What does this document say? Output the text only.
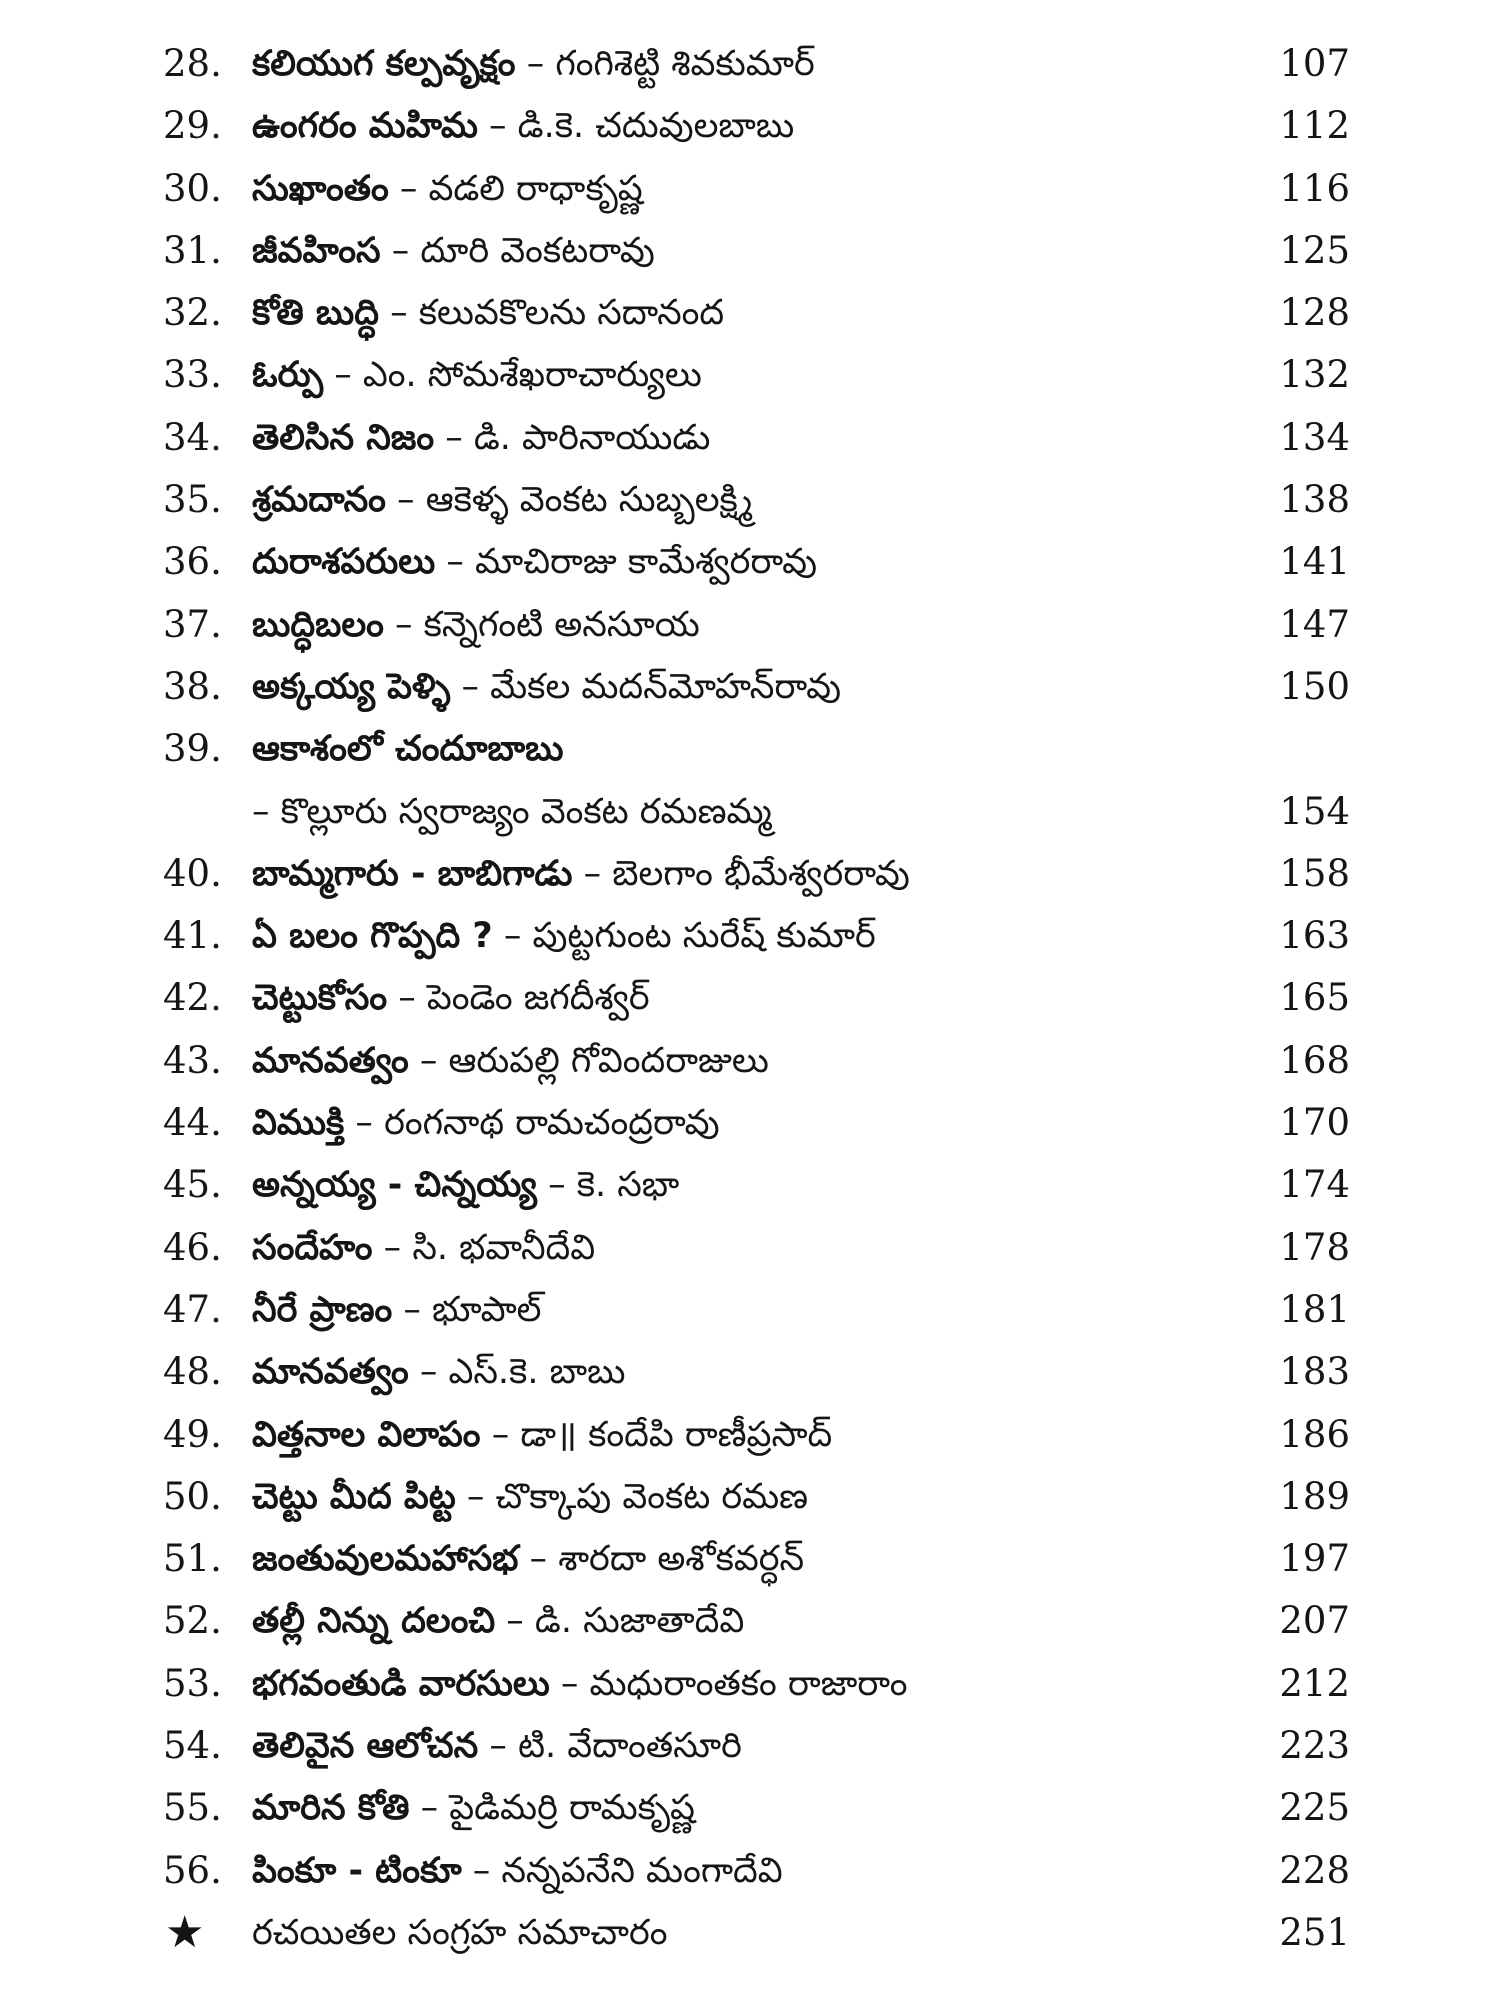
28. కలియుగ కల్పవృక్షం – గంగిశెట్టి శివకుమార్	107
29. ఉంగరం మహిమ – డి.కె. చదువులబాబు	112
30. సుఖాంతం – వడలి రాధాకృష్ణ	116
31. జీవహింస – దూరి వెంకటరావు	125
32. కోతి బుద్ధి – కలువకొలను సదానంద	128
33. ఓర్పు – ఎం. సోమశేఖరాచార్యులు	132
34. తెలిసిన నిజం – డి. పారినాయుడు	134
35. శ్రమదానం – ఆకెళ్ళ వెంకట సుబ్బలక్ష్మి	138
36. దురాశపరులు – మాచిరాజు కామేశ్వరరావు	141
37. బుద్ధిబలం – కన్నెగంటి అనసూయ	147
38. అక్కయ్య పెళ్ళి – మేకల మదన్‌మోహన్‌రావు	150
39. ఆకాశంలో చందూబాబు
– కొల్లూరు స్వరాజ్యం వెంకట రమణమ్మ	154
40. బామ్మగారు - బాబిగాడు – బెలగాం భీమేశ్వరరావు	158
41. ఏ బలం గొప్పది ? – పుట్టగుంట సురేష్ కుమార్	163
42. చెట్టుకోసం – పెండెం జగదీశ్వర్	165
43. మానవత్వం – ఆరుపల్లి గోవిందరాజులు	168
44. విముక్తి – రంగనాథ రామచంద్రరావు	170
45. అన్నయ్య - చిన్నయ్య – కె. సభా	174
46. సందేహం – సి. భవానీదేవి	178
47. నీరే ప్రాణం – భూపాల్	181
48. మానవత్వం – ఎస్.కె. బాబు	183
49. విత్తనాల విలాపం – డా॥ కందేపి రాణీప్రసాద్	186
50. చెట్టు మీద పిట్ట – చొక్కాపు వెంకట రమణ	189
51. జంతువులమహాసభ – శారదా అశోకవర్ధన్	197
52. తల్లీ నిన్ను దలంచి – డి. సుజాతాదేవి	207
53. భగవంతుడి వారసులు – మధురాంతకం రాజారాం	212
54. తెలివైన ఆలోచన – టి. వేదాంతసూరి	223
55. మారిన కోతి – పైడిమర్రి రామకృష్ణ	225
56. పింకూ - టింకూ – నన్నపనేని మంగాదేవి	228
★	రచయితల సంగ్రహ సమాచారం	251
